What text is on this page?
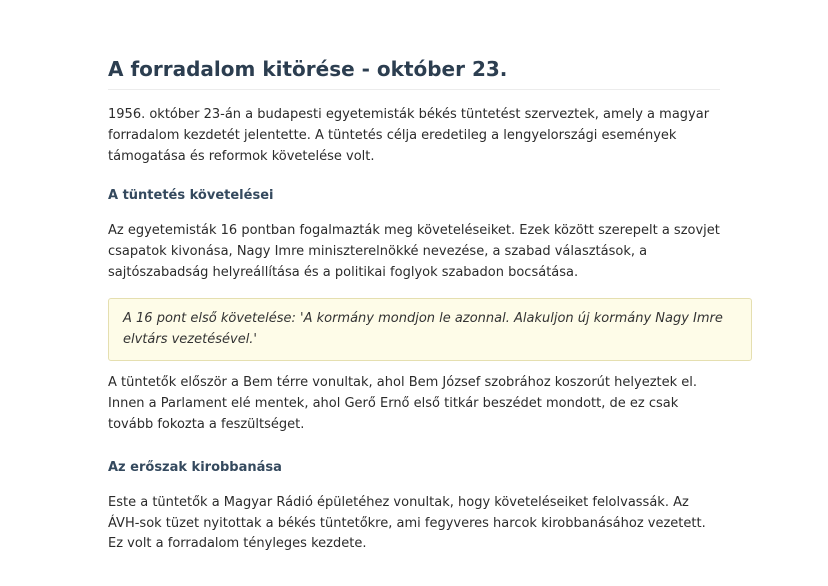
A forradalom kitörése - október 23.

1956. október 23-án a budapesti egyetemisták békés tüntetést szerveztek, amely a magyar forradalom kezdetét jelentette. A tüntetés célja eredetileg a lengyelországi események támogatása és reformok követelése volt.

A tüntetés követelései

Az egyetemisták 16 pontban fogalmazták meg követeléseiket. Ezek között szerepelt a szovjet csapatok kivonása, Nagy Imre miniszterelnökké nevezése, a szabad választások, a sajtószabadság helyreállítása és a politikai foglyok szabadon bocsátása.

A 16 pont első követelése: 'A kormány mondjon le azonnal. Alakuljon új kormány Nagy Imre elvtárs vezetésével.'

A tüntetők először a Bem térre vonultak, ahol Bem József szobrához koszorút helyeztek el. Innen a Parlament elé mentek, ahol Gerő Ernő első titkár beszédet mondott, de ez csak tovább fokozta a feszültséget.

Az erőszak kirobbanása

Este a tüntetők a Magyar Rádió épületéhez vonultak, hogy követeléseiket felolvassák. Az ÁVH-sok tüzet nyitottak a békés tüntetőkre, ami fegyveres harcok kirobbanásához vezetett. Ez volt a forradalom tényleges kezdete.
